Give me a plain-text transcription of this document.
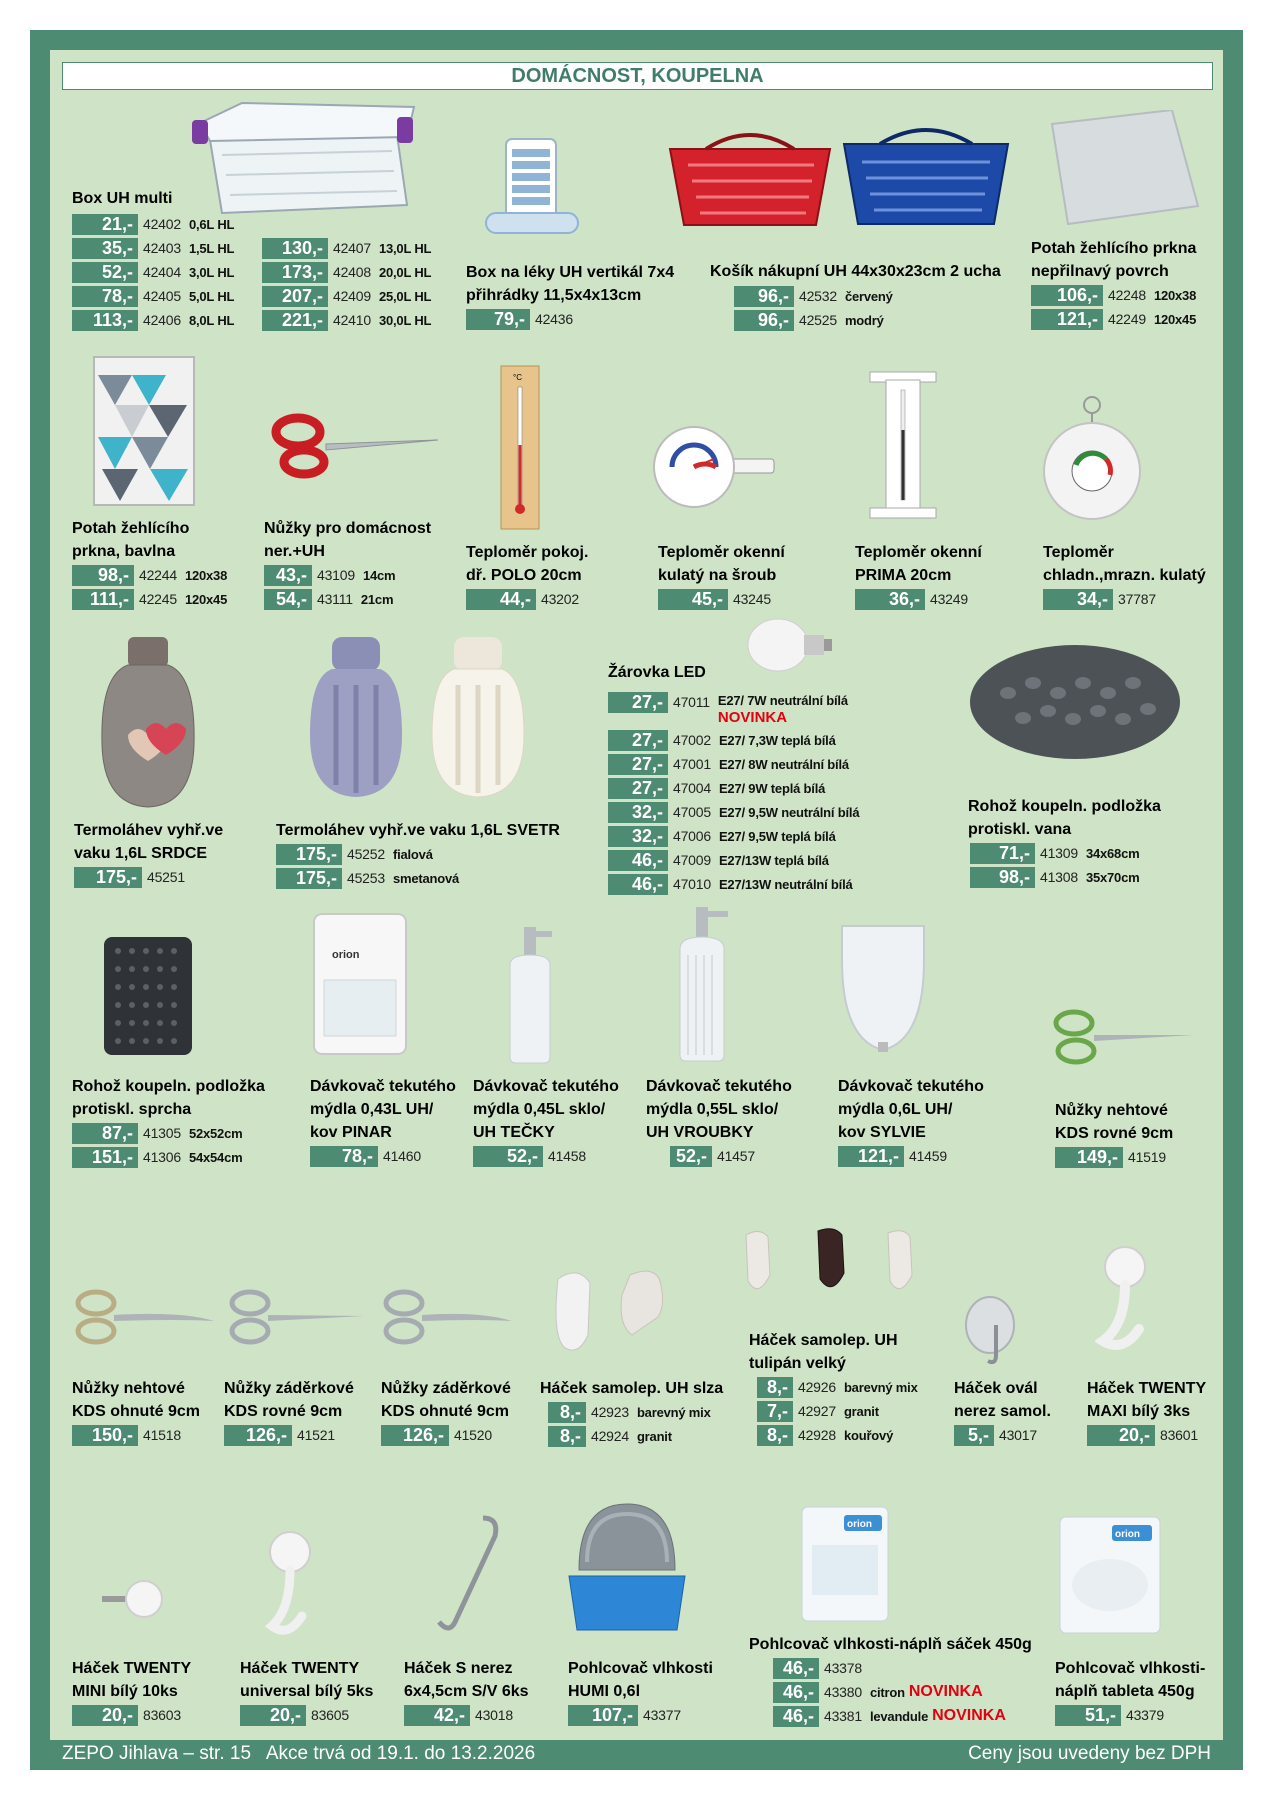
DOMÁCNOST, KOUPELNA
°C
orion
orion
orion
Box UH multi
21,- 42402 0,6L HL
35,- 42403 1,5L HL
52,- 42404 3,0L HL
78,- 42405 5,0L HL
113,- 42406 8,0L HL
130,- 42407 13,0L HL
173,- 42408 20,0L HL
207,- 42409 25,0L HL
221,- 42410 30,0L HL
Box na léky UH vertikál 7x4
přihrádky 11,5x4x13cm
79,- 42436
Košík nákupní UH 44x30x23cm 2 ucha
96,- 42532 červený
96,- 42525 modrý
Potah žehlícího prkna
nepřilnavý povrch
106,- 42248 120x38
121,- 42249 120x45
Potah žehlícího
prkna, bavlna
98,- 42244 120x38
111,- 42245 120x45
Nůžky pro domácnost
ner.+UH
43,- 43109 14cm
54,- 43111 21cm
Teploměr pokoj.
dř. POLO 20cm
44,- 43202
Teploměr okenní
kulatý na šroub
45,- 43245
Teploměr okenní
PRIMA 20cm
36,- 43249
Teploměr
chladn.,mrazn. kulatý
34,- 37787
Termoláhev vyhř.ve
vaku 1,6L SRDCE
175,- 45251
Termoláhev vyhř.ve vaku 1,6L SVETR
175,- 45252 fialová
175,- 45253 smetanová
Žárovka LED
27,- 47011 E27/ 7W neutrální bílá
NOVINKA
27,- 47002 E27/ 7,3W teplá bílá
27,- 47001 E27/ 8W neutrální bílá
27,- 47004 E27/ 9W teplá bílá
32,- 47005 E27/ 9,5W neutrální bílá
32,- 47006 E27/ 9,5W teplá bílá
46,- 47009 E27/13W teplá bílá
46,- 47010 E27/13W neutrální bílá
Rohož koupeln. podložka
protiskl. vana
71,- 41309 34x68cm
98,- 41308 35x70cm
Rohož koupeln. podložka
protiskl. sprcha
87,- 41305 52x52cm
151,- 41306 54x54cm
Dávkovač tekutého
mýdla 0,43L UH/
kov PINAR
78,- 41460
Dávkovač tekutého
mýdla 0,45L sklo/
UH TEČKY
52,- 41458
Dávkovač tekutého
mýdla 0,55L sklo/
UH VROUBKY
52,- 41457
Dávkovač tekutého
mýdla 0,6L UH/
kov SYLVIE
121,- 41459
Nůžky nehtové
KDS rovné 9cm
149,- 41519
Nůžky nehtové
KDS ohnuté 9cm
150,- 41518
Nůžky záděrkové
KDS rovné 9cm
126,- 41521
Nůžky záděrkové
KDS ohnuté 9cm
126,- 41520
Háček samolep. UH slza
8,- 42923 barevný mix
8,- 42924 granit
Háček samolep. UH
tulipán velký
8,- 42926 barevný mix
7,- 42927 granit
8,- 42928 kouřový
Háček ovál
nerez samol.
5,- 43017
Háček TWENTY
MAXI bílý 3ks
20,- 83601
Háček TWENTY
MINI bílý 10ks
20,- 83603
Háček TWENTY
universal bílý 5ks
20,- 83605
Háček S nerez
6x4,5cm S/V 6ks
42,- 43018
Pohlcovač vlhkosti
HUMI 0,6l
107,- 43377
Pohlcovač vlhkosti-náplň sáček 450g
46,- 43378
46,- 43380 citron NOVINKA
46,- 43381 levandule NOVINKA
Pohlcovač vlhkosti-
náplň tableta 450g
51,- 43379
ZEPO Jihlava – str. 15   Akce trvá od 19.1. do 13.2.2026	Ceny jsou uvedeny bez DPH
